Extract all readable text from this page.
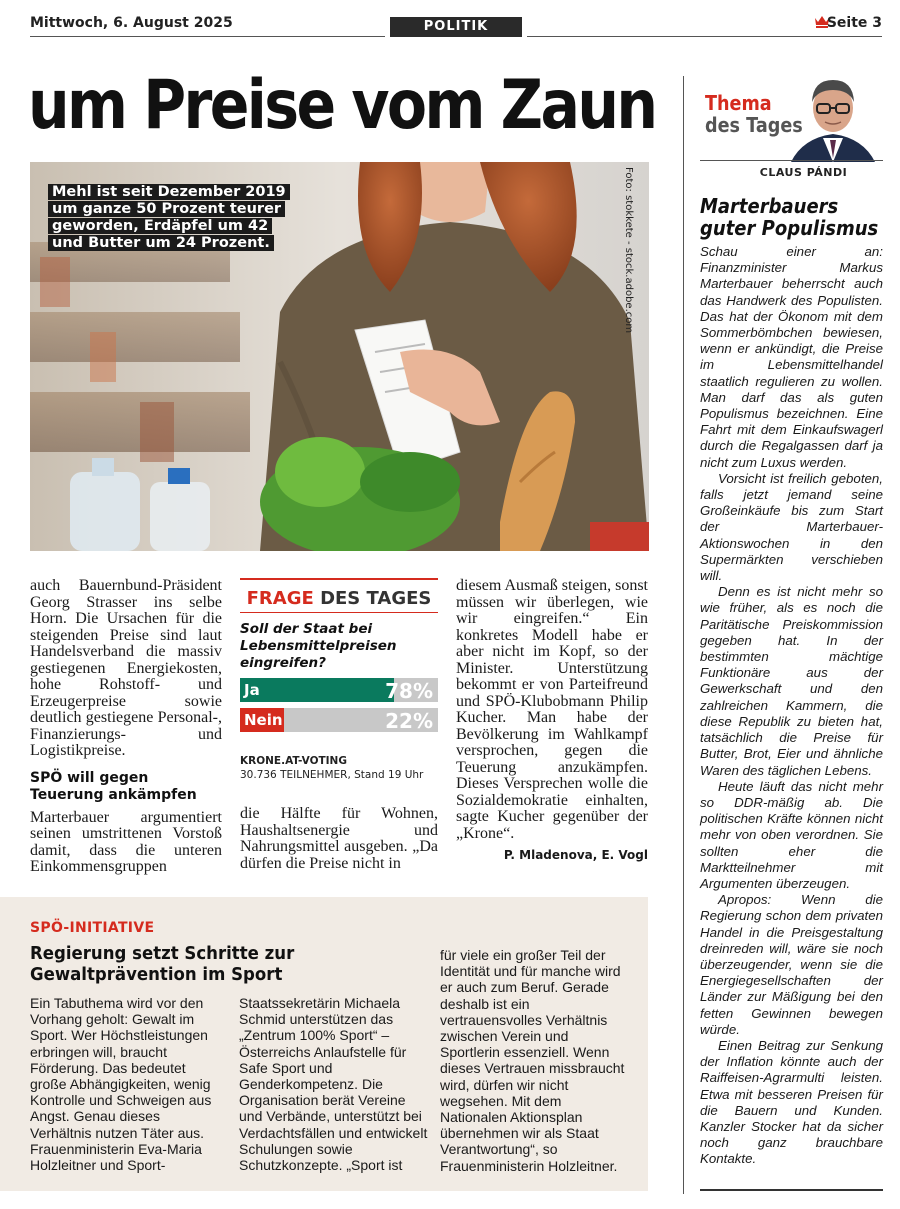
Mittwoch, 6. August 2025	POLITIK	Seite 3
um Preise vom Zaun
Mehl ist seit Dezember 2019 um ganze 50 Prozent teurer geworden, Erdäpfel um 42 und Butter um 24 Prozent.	Foto: stokkete - stock.adobe.com

auch Bauernbund-Präsident Georg Strasser ins selbe Horn. Die Ursachen für die steigenden Preise sind laut Handelsverband die massiv gestiegenen Energiekosten, hohe Rohstoff- und Erzeugerpreise sowie deutlich gestiegene Personal-, Finanzierungs- und Logistikpreise.

SPÖ will gegen Teuerung ankämpfen

Marterbauer argumentiert seinen umstrittenen Vorstoß damit, dass die unteren Einkommensgruppen

FRAGE DES TAGES

Soll der Staat bei Lebensmittelpreisen eingreifen?

Ja	78%
Nein	22%

KRONE.AT-VOTING
30.736 TEILNEHMER, Stand 19 Uhr

die Hälfte für Wohnen, Haushaltsenergie und Nahrungsmittel ausgeben. „Da dürfen die Preise nicht in

diesem Ausmaß steigen, sonst müssen wir überlegen, wie wir eingreifen.“ Ein konkretes Modell habe er aber nicht im Kopf, so der Minister. Unterstützung bekommt er von Parteifreund und SPÖ-Klubobmann Philip Kucher. Man habe der Bevölkerung im Wahlkampf versprochen, gegen die Teuerung anzukämpfen. Dieses Versprechen wolle die Sozialdemokratie einhalten, sagte Kucher gegenüber der „Krone“.

P. Mladenova, E. Vogl

SPÖ-INITIATIVE
Regierung setzt Schritte zur Gewaltprävention im Sport

Ein Tabuthema wird vor den Vorhang geholt: Gewalt im Sport. Wer Höchstleistungen erbringen will, braucht Förderung. Das bedeutet große Abhängigkeiten, wenig Kontrolle und Schweigen aus Angst. Genau dieses Verhältnis nutzen Täter aus. Frauenministerin Eva-Maria Holzleitner und Sport-

Staatssekretärin Michaela Schmid unterstützen das „Zentrum 100% Sport“ – Österreichs Anlaufstelle für Safe Sport und Genderkompetenz. Die Organisation berät Vereine und Verbände, unterstützt bei Verdachtsfällen und entwickelt Schulungen sowie Schutzkonzepte. „Sport ist

für viele ein großer Teil der Identität und für manche wird er auch zum Beruf. Gerade deshalb ist ein vertrauensvolles Verhältnis zwischen Verein und Sportlerin essenziell. Wenn dieses Vertrauen missbraucht wird, dürfen wir nicht wegsehen. Mit dem Nationalen Aktionsplan übernehmen wir als Staat Verantwortung“, so Frauenministerin Holzleitner.

Thema
des Tages
CLAUS PÁNDI
Marterbauers guter Populismus

Schau einer an: Finanzminister Markus Marterbauer beherrscht auch das Handwerk des Populisten. Das hat der Ökonom mit dem Sommerbömbchen bewiesen, wenn er ankündigt, die Preise im Lebensmittelhandel staatlich regulieren zu wollen. Man darf das als guten Populismus bezeichnen. Eine Fahrt mit dem Einkaufswagerl durch die Regalgassen darf ja nicht zum Luxus werden.

Vorsicht ist freilich geboten, falls jetzt jemand seine Großeinkäufe bis zum Start der Marterbauer-Aktionswochen in den Supermärkten verschieben will.

Denn es ist nicht mehr so wie früher, als es noch die Paritätische Preiskommission gegeben hat. In der bestimmten mächtige Funktionäre aus der Gewerkschaft und den zahlreichen Kammern, die diese Republik zu bieten hat, tatsächlich die Preise für Butter, Brot, Eier und ähnliche Waren des täglichen Lebens.

Heute läuft das nicht mehr so DDR-mäßig ab. Die politischen Kräfte können nicht mehr von oben verordnen. Sie sollten eher die Marktteilnehmer mit Argumenten überzeugen.

Apropos: Wenn die Regierung schon dem privaten Handel in die Preisgestaltung dreinreden will, wäre sie noch überzeugender, wenn sie die Energiegesellschaften der Länder zur Mäßigung bei den fetten Gewinnen bewegen würde.

Einen Beitrag zur Senkung der Inflation könnte auch der Raiffeisen-Agrarmulti leisten. Etwa mit besseren Preisen für die Bauern und Kunden. Kanzler Stocker hat da sicher noch ganz brauchbare Kontakte.
